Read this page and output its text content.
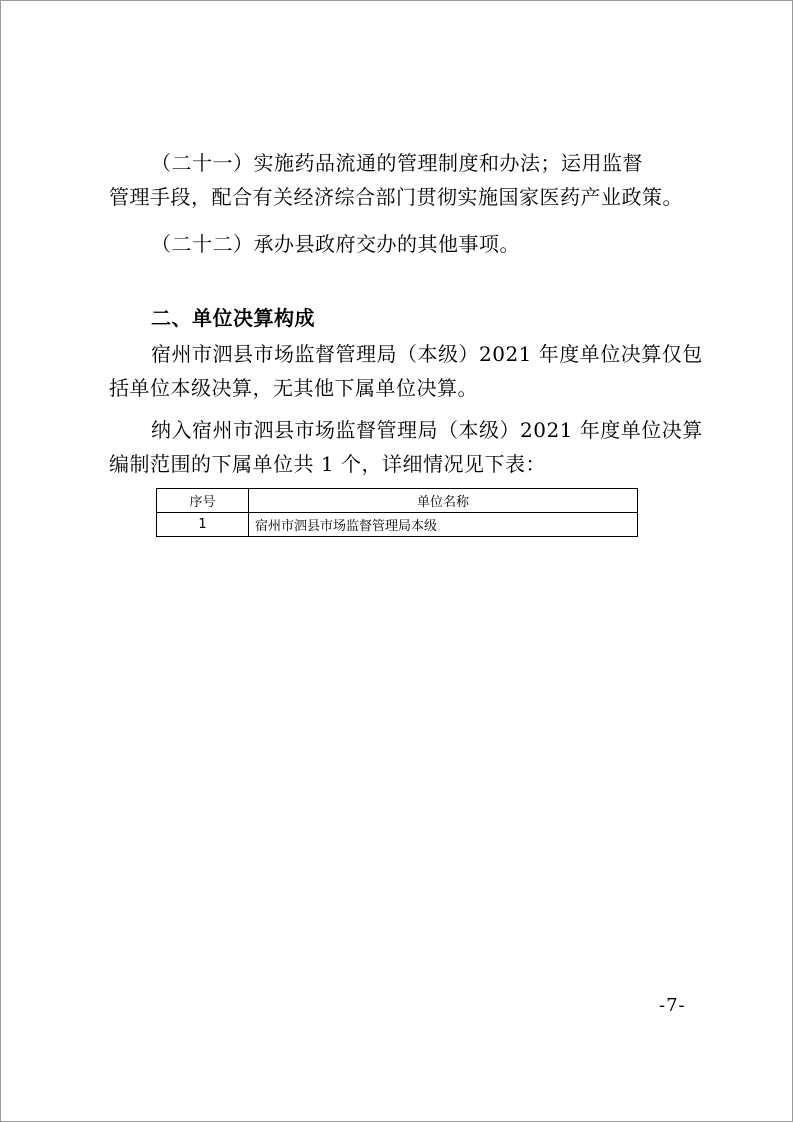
（二十一）实施药品流通的管理制度和办法；运用监督
管理手段，配合有关经济综合部门贯彻实施国家医药产业政策。
（二十二）承办县政府交办的其他事项。
二、单位决算构成
宿州市泗县市场监督管理局（本级）2021 年度单位决算仅包
括单位本级决算，无其他下属单位决算。
纳入宿州市泗县市场监督管理局（本级）2021 年度单位决算
编制范围的下属单位共 1 个，详细情况见下表：
序号	单位名称
1	宿州市泗县市场监督管理局本级
-7-
